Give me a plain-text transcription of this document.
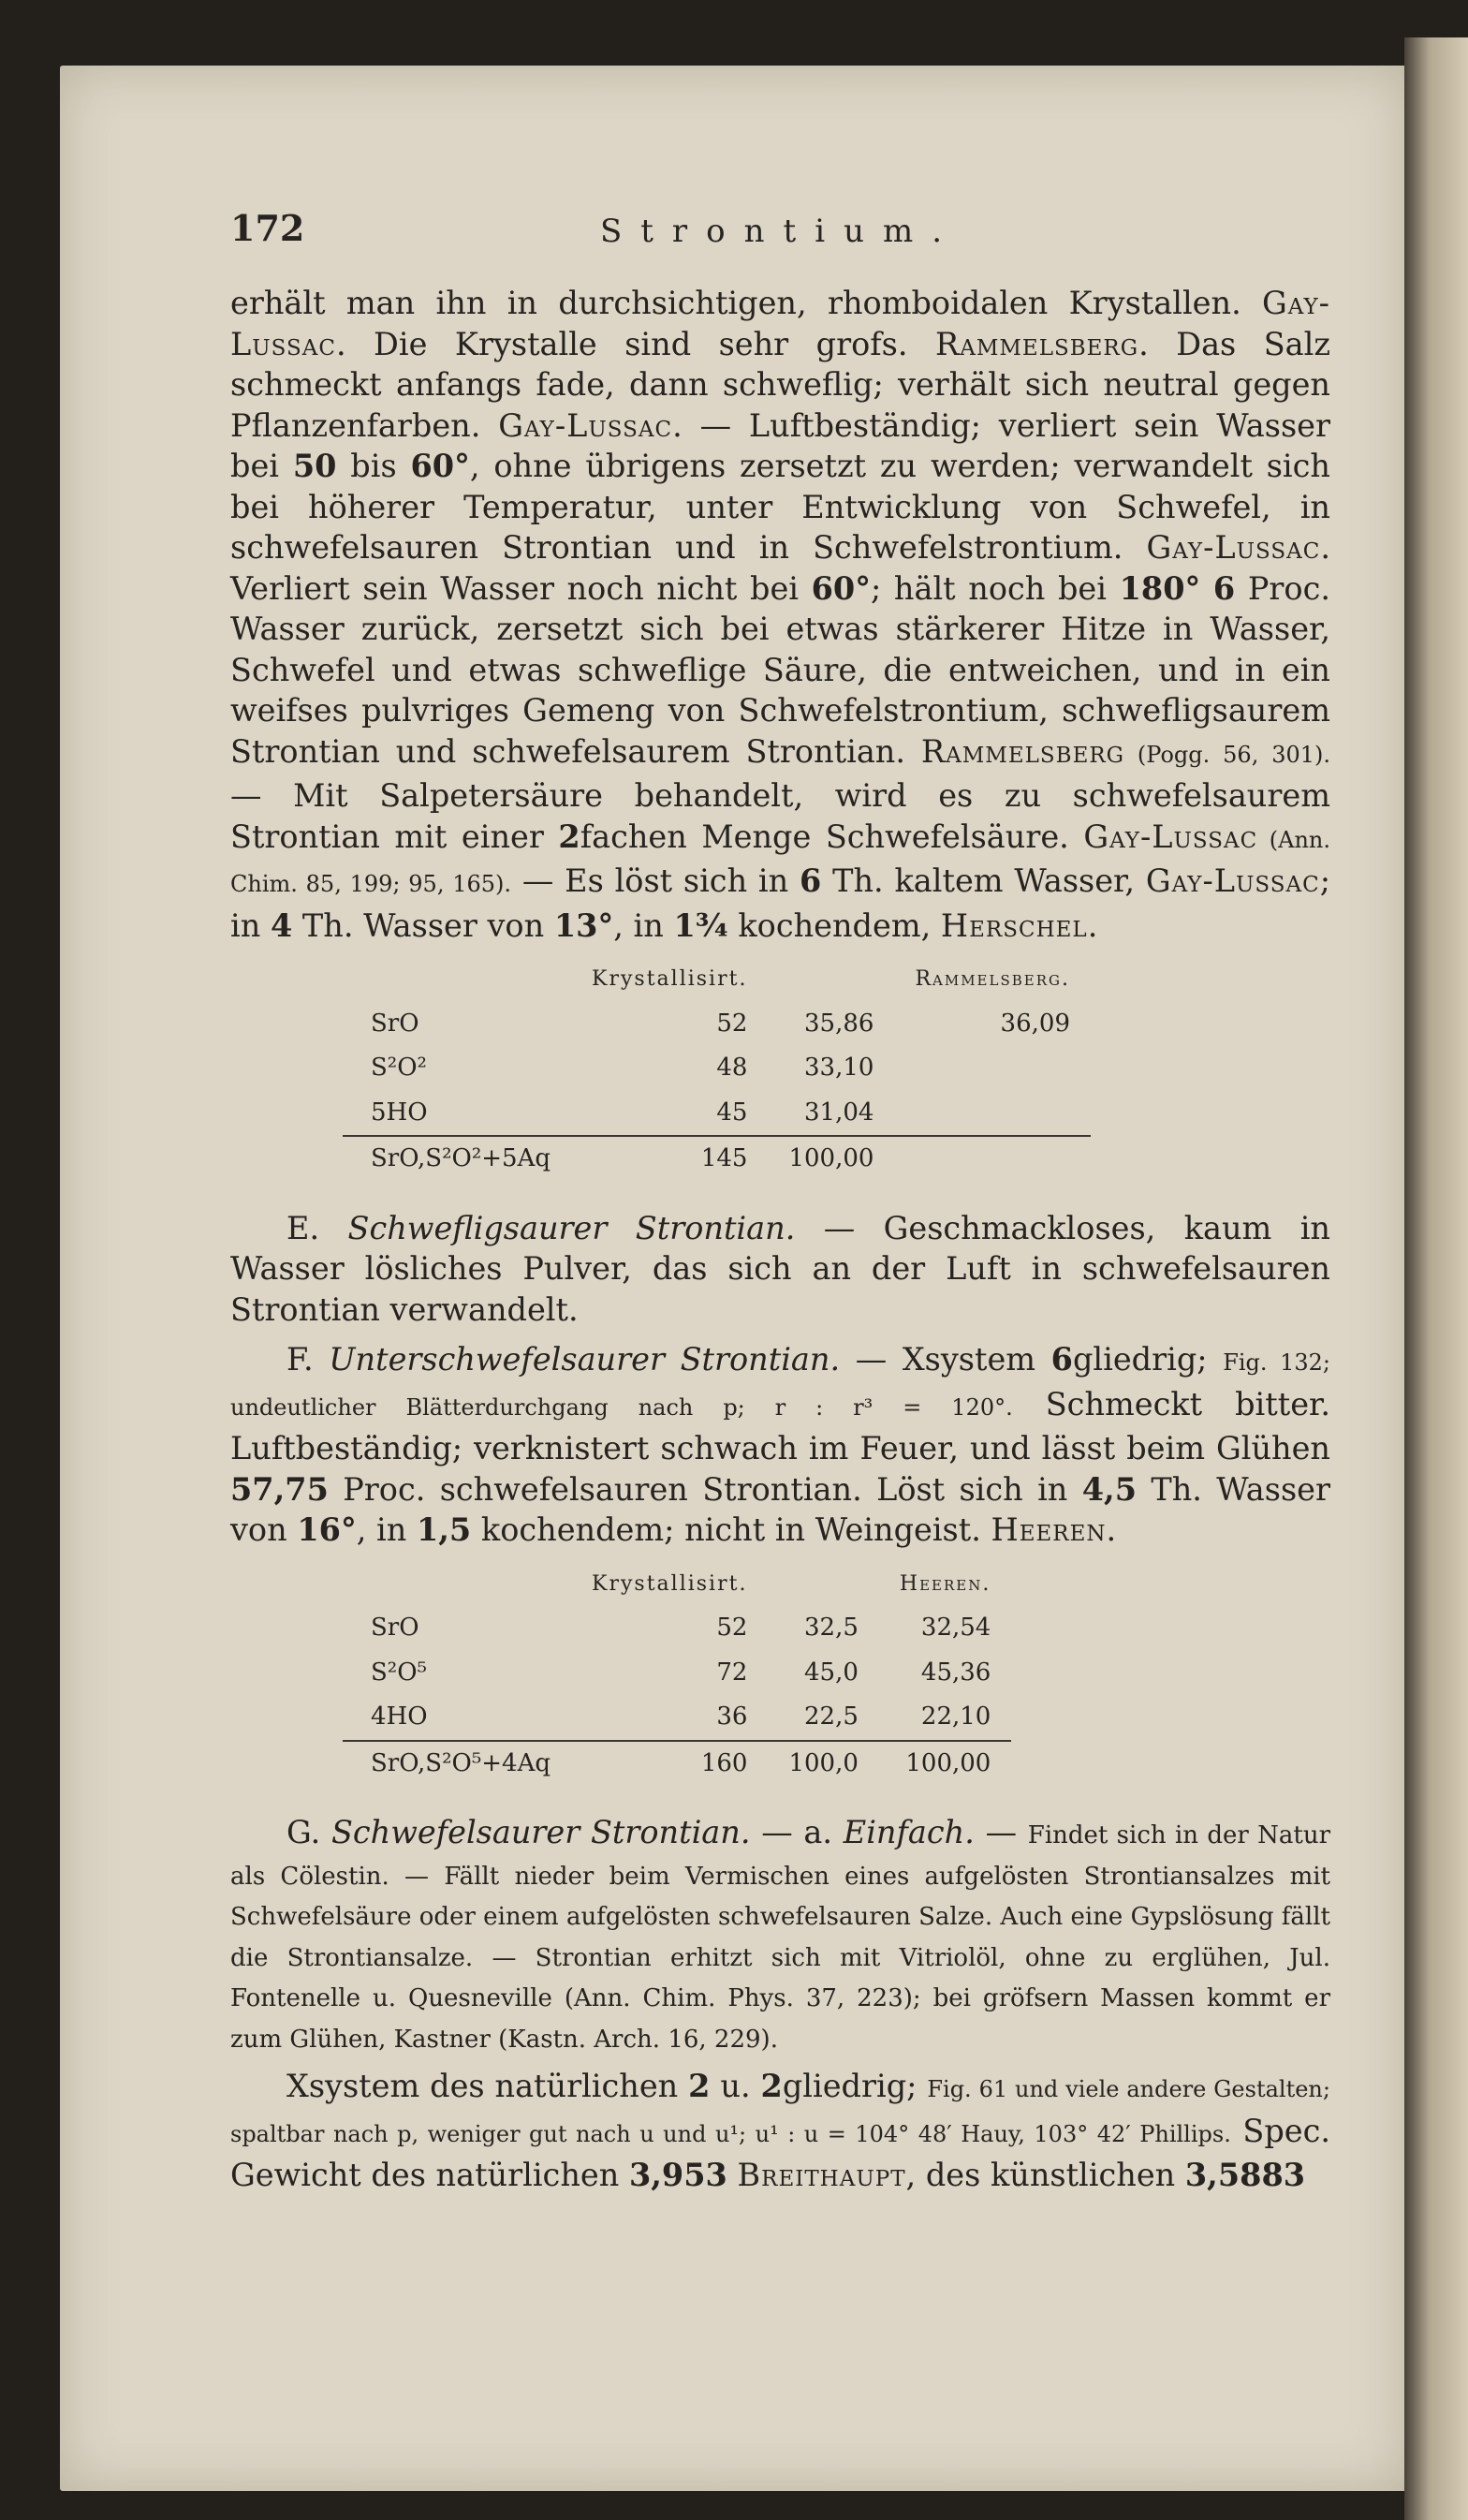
172	Strontium.

erhält man ihn in durchsichtigen, rhomboidalen Krystallen. Gay-Lussac. Die Krystalle sind sehr grofs. Rammelsberg. Das Salz schmeckt anfangs fade, dann schweflig; verhält sich neutral gegen Pflanzenfarben. Gay-Lussac. — Luftbeständig; verliert sein Wasser bei 50 bis 60°, ohne übrigens zersetzt zu werden; verwandelt sich bei höherer Temperatur, unter Entwicklung von Schwefel, in schwefelsauren Strontian und in Schwefelstrontium. Gay-Lussac. Verliert sein Wasser noch nicht bei 60°; hält noch bei 180° 6 Proc. Wasser zurück, zersetzt sich bei etwas stärkerer Hitze in Wasser, Schwefel und etwas schweflige Säure, die entweichen, und in ein weifses pulvriges Gemeng von Schwefelstrontium, schwefligsaurem Strontian und schwefelsaurem Strontian. Rammelsberg (Pogg. 56, 301). — Mit Salpetersäure behandelt, wird es zu schwefelsaurem Strontian mit einer 2fachen Menge Schwefelsäure. Gay-Lussac (Ann. Chim. 85, 199; 95, 165). — Es löst sich in 6 Th. kaltem Wasser, Gay-Lussac; in 4 Th. Wasser von 13°, in 1¾ kochendem, Herschel.

	Krystallisirt.		Rammelsberg.
SrO	52	35,86	36,09
S²O²	48	33,10	
5HO	45	31,04	
SrO,S²O²+5Aq	145	100,00	

E. Schwefligsaurer Strontian. — Geschmackloses, kaum in Wasser lösliches Pulver, das sich an der Luft in schwefelsauren Strontian verwandelt.

F. Unterschwefelsaurer Strontian. — Xsystem 6gliedrig; Fig. 132; undeutlicher Blätterdurchgang nach p; r : r³ = 120°. Schmeckt bitter. Luftbeständig; verknistert schwach im Feuer, und lässt beim Glühen 57,75 Proc. schwefelsauren Strontian. Löst sich in 4,5 Th. Wasser von 16°, in 1,5 kochendem; nicht in Weingeist. Heeren.

	Krystallisirt.		Heeren.
SrO	52	32,5	32,54
S²O⁵	72	45,0	45,36
4HO	36	22,5	22,10
SrO,S²O⁵+4Aq	160	100,0	100,00

G. Schwefelsaurer Strontian. — a. Einfach. — Findet sich in der Natur als Cölestin. — Fällt nieder beim Vermischen eines aufgelösten Strontiansalzes mit Schwefelsäure oder einem aufgelösten schwefelsauren Salze. Auch eine Gypslösung fällt die Strontiansalze. — Strontian erhitzt sich mit Vitriolöl, ohne zu erglühen, Jul. Fontenelle u. Quesneville (Ann. Chim. Phys. 37, 223); bei gröfsern Massen kommt er zum Glühen, Kastner (Kastn. Arch. 16, 229).

Xsystem des natürlichen 2 u. 2gliedrig; Fig. 61 und viele andere Gestalten; spaltbar nach p, weniger gut nach u und u¹; u¹ : u = 104° 48′ Hauy, 103° 42′ Phillips. Spec. Gewicht des natürlichen 3,953 Breithaupt, des künstlichen 3,5883
